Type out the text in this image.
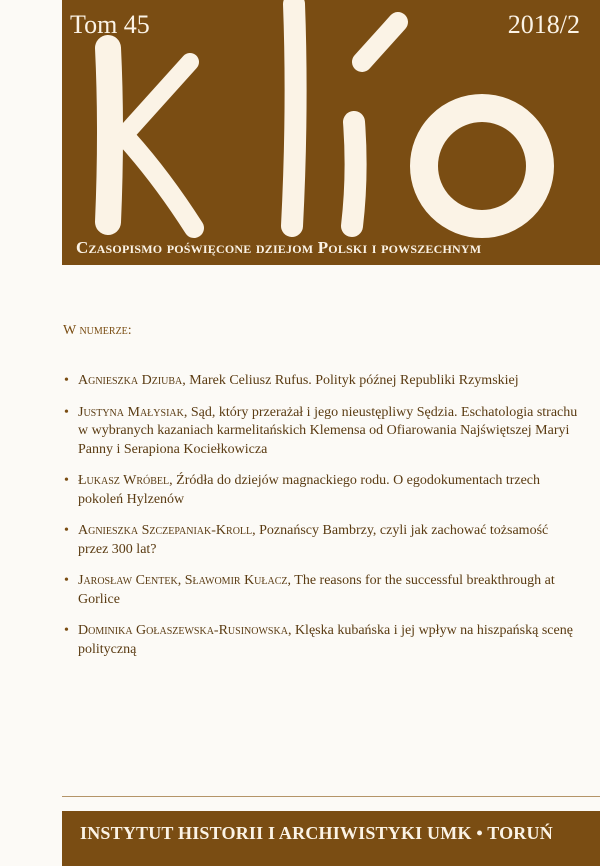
Tom 45	2018/2
Czasopismo poświęcone dziejom Polski i powszechnym
W numerze:
• Agnieszka Dziuba, Marek Celiusz Rufus. Polityk późnej Republiki Rzymskiej
• Justyna Małysiak, Sąd, który przerażał i jego nieustępliwy Sędzia. Eschatologia strachu w wybranych kazaniach karmelitańskich Klemensa od Ofiarowania Najświętszej Maryi Panny i Serapiona Kociełkowicza
• Łukasz Wróbel, Źródła do dziejów magnackiego rodu. O egodokumentach trzech pokoleń Hylzenów
• Agnieszka Szczepaniak-Kroll, Poznańscy Bambrzy, czyli jak zachować tożsamość przez 300 lat?
• Jarosław Centek, Sławomir Kułacz, The reasons for the successful breakthrough at Gorlice
• Dominika Gołaszewska-Rusinowska, Klęska kubańska i jej wpływ na hiszpańską scenę polityczną
INSTYTUT HISTORII I ARCHIWISTYKI UMK • TORUŃ
